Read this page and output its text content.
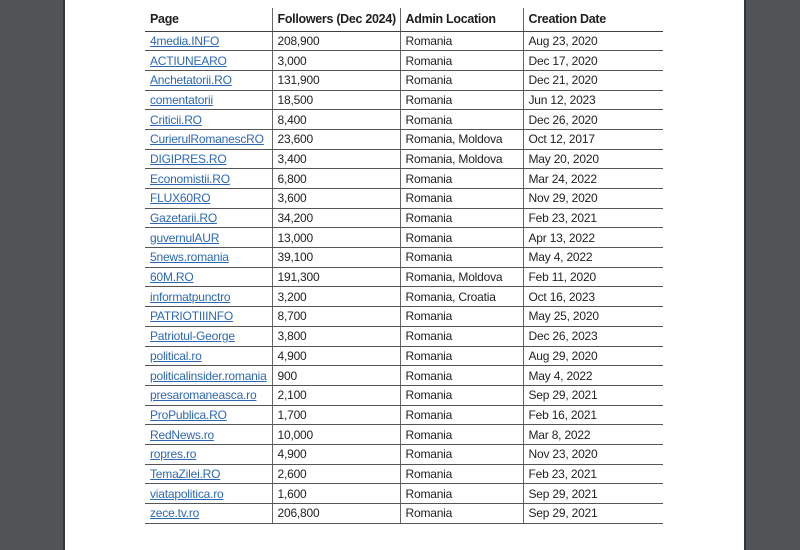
Page	Followers (Dec 2024)	Admin Location	Creation Date
4media.INFO	208,900	Romania	Aug 23, 2020
ACTIUNEARO	3,000	Romania	Dec 17, 2020
Anchetatorii.RO	131,900	Romania	Dec 21, 2020
comentatorii	18,500	Romania	Jun 12, 2023
Criticii.RO	8,400	Romania	Dec 26, 2020
CurierulRomanescRO	23,600	Romania, Moldova	Oct 12, 2017
DIGIPRES.RO	3,400	Romania, Moldova	May 20, 2020
Economistii.RO	6,800	Romania	Mar 24, 2022
FLUX60RO	3,600	Romania	Nov 29, 2020
Gazetarii.RO	34,200	Romania	Feb 23, 2021
guvernulAUR	13,000	Romania	Apr 13, 2022
5news.romania	39,100	Romania	May 4, 2022
60M.RO	191,300	Romania, Moldova	Feb 11, 2020
informatpunctro	3,200	Romania, Croatia	Oct 16, 2023
PATRIOTIIINFO	8,700	Romania	May 25, 2020
Patriotul-George	3,800	Romania	Dec 26, 2023
political.ro	4,900	Romania	Aug 29, 2020
politicalinsider.romania	900	Romania	May 4, 2022
presaromaneasca.ro	2,100	Romania	Sep 29, 2021
ProPublica.RO	1,700	Romania	Feb 16, 2021
RedNews.ro	10,000	Romania	Mar 8, 2022
ropres.ro	4,900	Romania	Nov 23, 2020
TemaZilei.RO	2,600	Romania	Feb 23, 2021
viatapolitica.ro	1,600	Romania	Sep 29, 2021
zece.tv.ro	206,800	Romania	Sep 29, 2021
